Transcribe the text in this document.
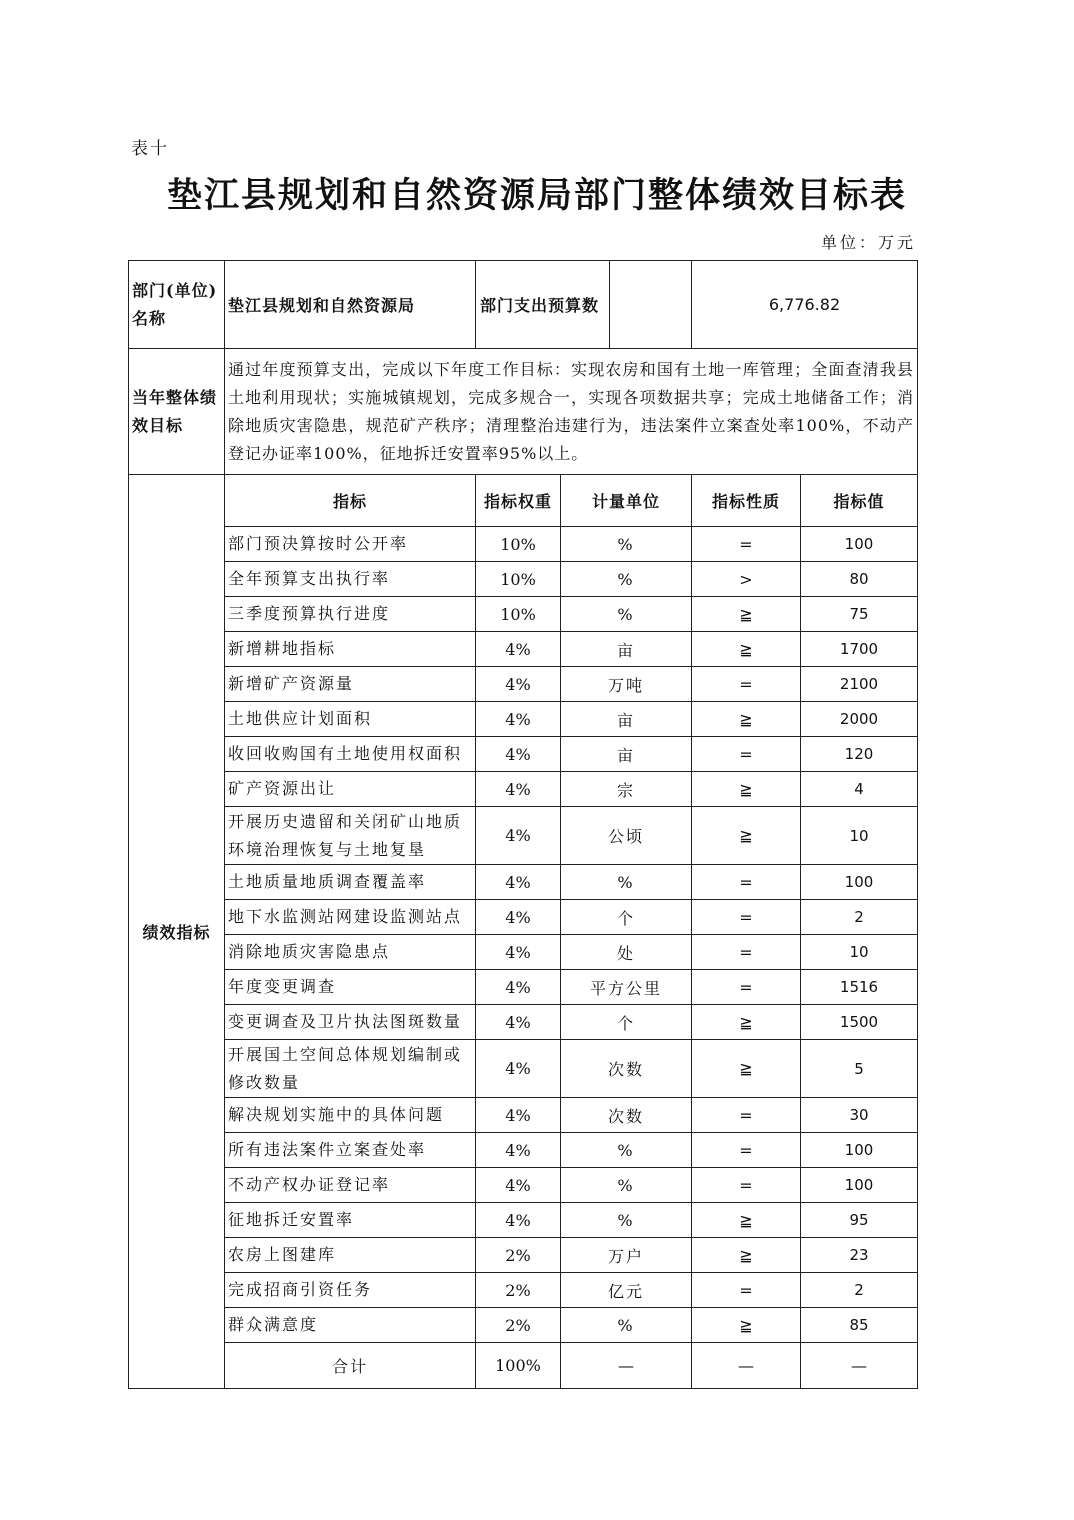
表十
垫江县规划和自然资源局部门整体绩效目标表
单位：万元
部门(单位)名称	垫江县规划和自然资源局	部门支出预算数		6,776.82	
当年整体绩效目标	通过年度预算支出，完成以下年度工作目标：实现农房和国有土地一库管理；全面查清我县土地利用现状；实施城镇规划，完成多规合一，实现各项数据共享；完成土地储备工作；消除地质灾害隐患，规范矿产秩序；清理整治违建行为，违法案件立案查处率100%，不动产登记办证率100%，征地拆迁安置率95%以上。				
绩效指标	指标	指标权重	计量单位	指标性质	指标值
	部门预决算按时公开率	10%	%	=	100
	全年预算支出执行率	10%	%	>	80
	三季度预算执行进度	10%	%	≧	75
	新增耕地指标	4%	亩	≧	1700
	新增矿产资源量	4%	万吨	=	2100
	土地供应计划面积	4%	亩	≧	2000
	收回收购国有土地使用权面积	4%	亩	=	120
	矿产资源出让	4%	宗	≧	4
	开展历史遗留和关闭矿山地质环境治理恢复与土地复垦	4%	公顷	≧	10
	土地质量地质调查覆盖率	4%	%	=	100
	地下水监测站网建设监测站点	4%	个	=	2
	消除地质灾害隐患点	4%	处	=	10
	年度变更调查	4%	平方公里	=	1516
	变更调查及卫片执法图斑数量	4%	个	≧	1500
	开展国土空间总体规划编制或修改数量	4%	次数	≧	5
	解决规划实施中的具体问题	4%	次数	=	30
	所有违法案件立案查处率	4%	%	=	100
	不动产权办证登记率	4%	%	=	100
	征地拆迁安置率	4%	%	≧	95
	农房上图建库	2%	万户	≧	23
	完成招商引资任务	2%	亿元	=	2
	群众满意度	2%	%	≧	85
	合计	100%	—	—	—
